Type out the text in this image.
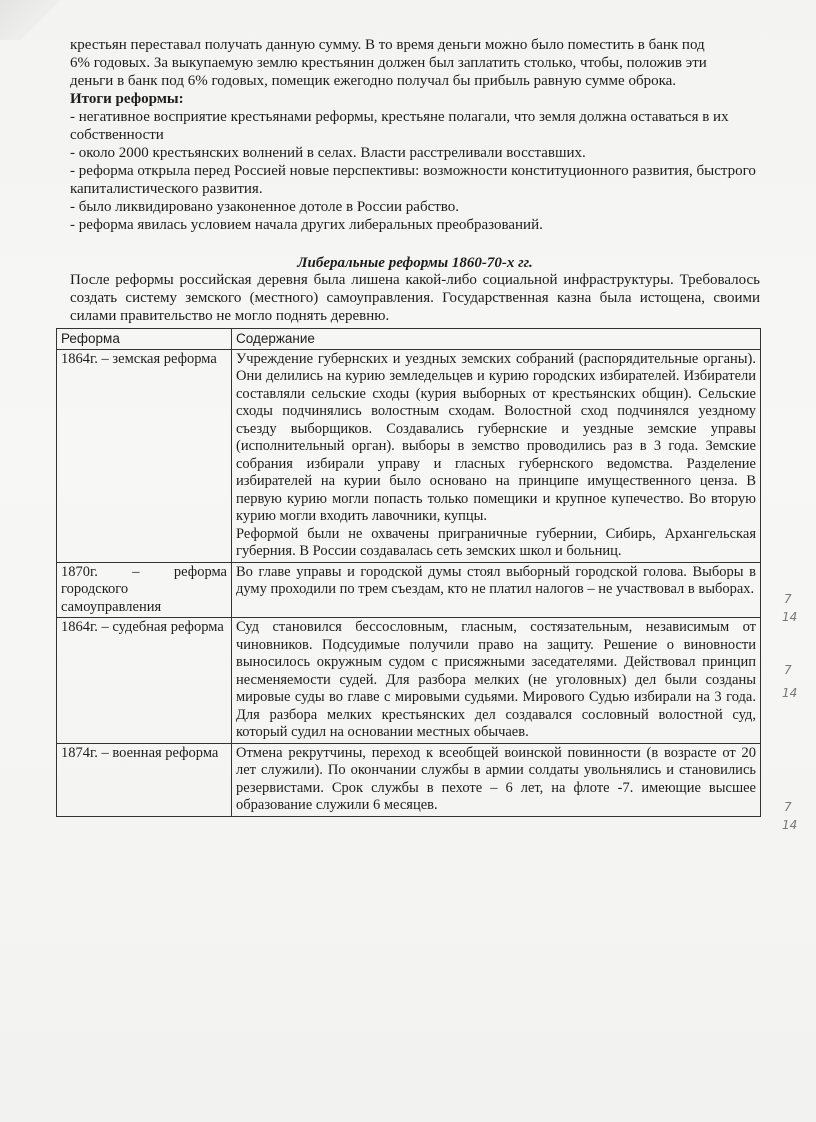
крестьян переставал получать данную сумму. В то время деньги можно было поместить в банк под

6% годовых. За выкупаемую землю крестьянин должен был заплатить столько, чтобы, положив эти

деньги в банк под 6% годовых, помещик ежегодно получал бы прибыль равную сумме оброка.

Итоги реформы:

- негативное восприятие крестьянами реформы, крестьяне полагали, что земля должна оставаться в их собственности

- около 2000 крестьянских волнений в селах. Власти расстреливали восставших.

- реформа открыла перед Россией новые перспективы: возможности конституционного развития, быстрого капиталистического развития.

- было ликвидировано узаконенное дотоле в России рабство.

- реформа явилась условием начала других либеральных преобразований.

Либеральные реформы 1860-70-х гг.
После реформы российская деревня была лишена какой-либо социальной инфраструктуры. Требовалось создать систему земского (местного) самоуправления. Государственная казна была истощена, своими силами правительство не могло поднять деревню.
Реформа	Содержание
1864г. – земская реформа	Учреждение губернских и уездных земских собраний (распорядительные органы). Они делились на курию земледельцев и курию городских избирателей. Избиратели составляли сельские сходы (курия выборных от крестьянских общин). Сельские сходы подчинялись волостным сходам. Волостной сход подчинялся уездному съезду выборщиков. Создавались губернские и уездные земские управы (исполнительный орган). выборы в земство проводились раз в 3 года. Земские собрания избирали управу и гласных губернского ведомства. Разделение избирателей на курии было основано на принципе имущественного ценза. В первую курию могли попасть только помещики и крупное купечество. Во вторую курию могли входить лавочники, купцы.
Реформой были не охвачены приграничные губернии, Сибирь, Архангельская губерния. В России создавалась сеть земских школ и больниц.

1870г. – реформа городского самоуправления	Во главе управы и городской думы стоял выборный городской голова. Выборы в думу проходили по трем съездам, кто не платил налогов – не участвовал в выборах.
1864г. – судебная реформа	Суд становился бессословным, гласным, состязательным, независимым от чиновников. Подсудимые получили право на защиту. Решение о виновности выносилось окружным судом с присяжными заседателями. Действовал принцип несменяемости судей. Для разбора мелких (не уголовных) дел были созданы мировые суды во главе с мировыми судьями. Мирового Судью избирали на 3 года. Для разбора мелких крестьянских дел создавался сословный волостной суд, который судил на основании местных обычаев.
1874г. – военная реформа	Отмена рекрутчины, переход к всеобщей воинской повинности (в возрасте от 20 лет служили). По окончании службы в армии солдаты увольнялись и становились резервистами. Срок службы в пехоте – 6 лет, на флоте -7. имеющие высшее образование служили 6 месяцев.
7
14
7
14
7
14
